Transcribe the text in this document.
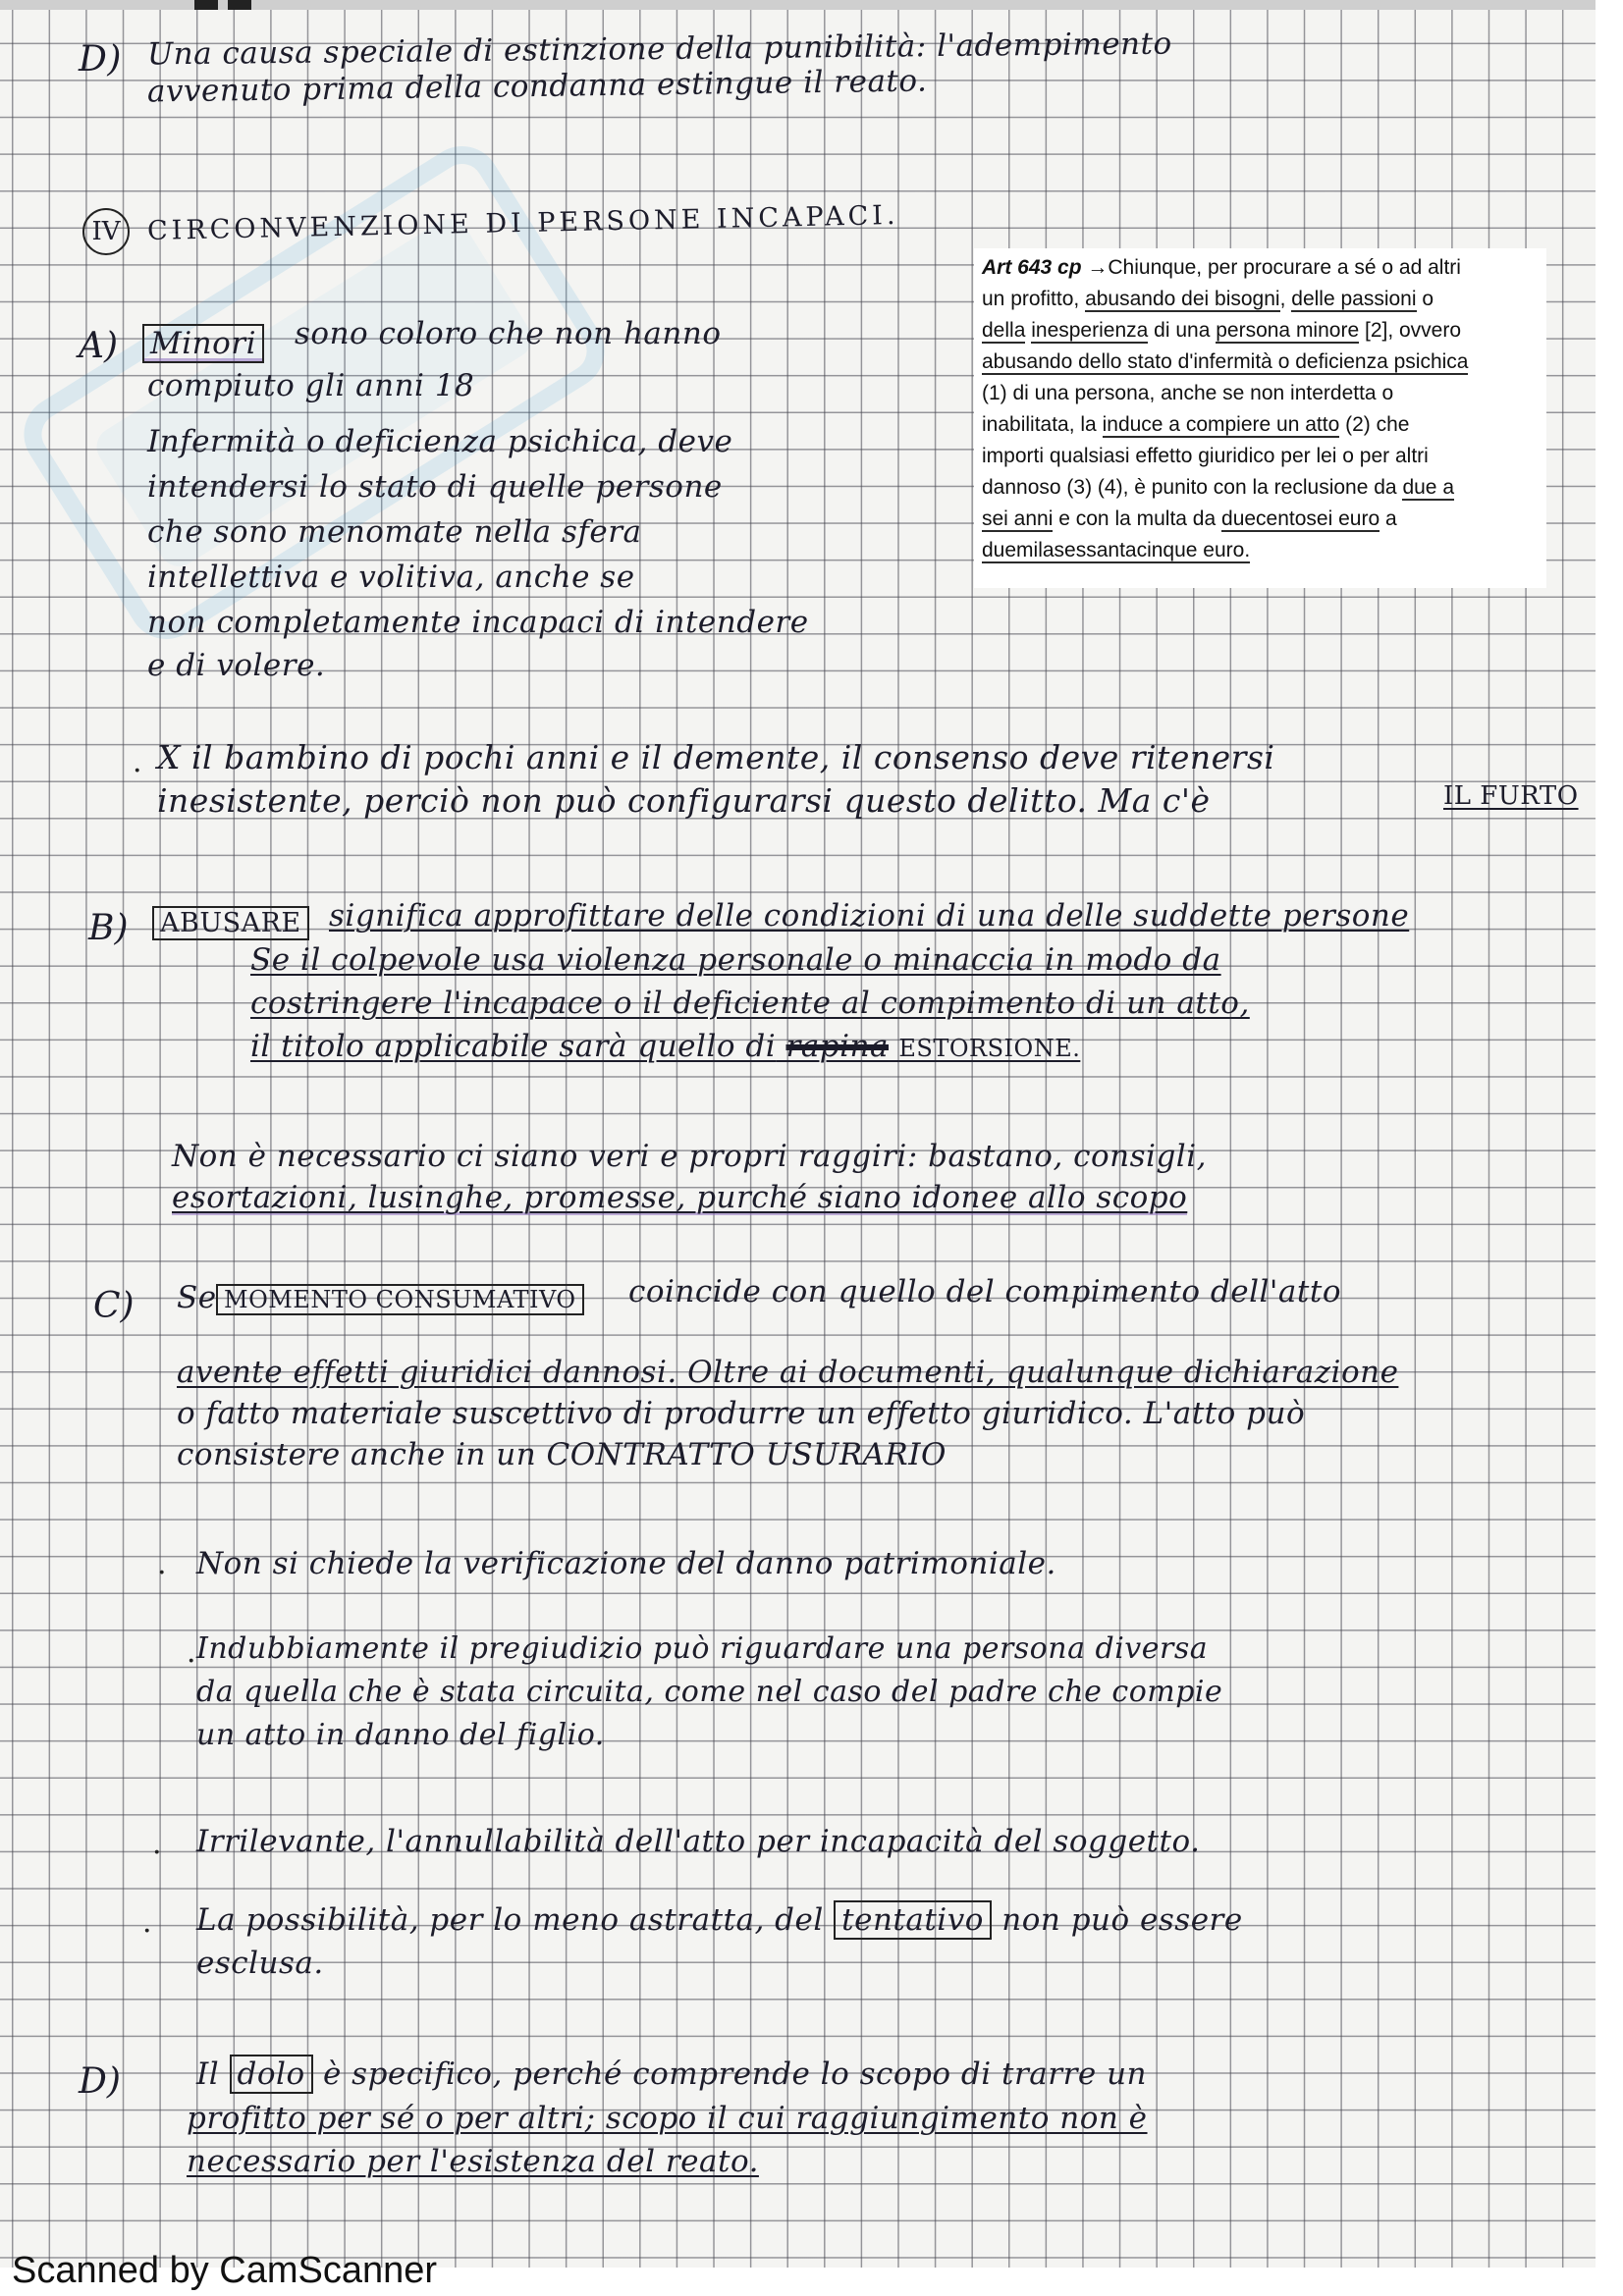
D) Una causa speciale di estinzione della punibilità: l'adempimento
avvenuto prima della condanna estingue il reato.
IV	CIRCONVENZIONE DI PERSONE INCAPACI.
A) Minori sono coloro che non hanno
compiuto gli anni 18
Infermità o deficienza psichica, deve
intendersi lo stato di quelle persone
che sono menomate nella sfera
intellettiva e volitiva, anche se
non completamente incapaci di intendere
e di volere.
Art 643 cp →Chiunque, per procurare a sé o ad altri
un profitto, abusando dei bisogni, delle passioni o
della inesperienza di una persona minore [2], ovvero
abusando dello stato d'infermità o deficienza psichica
(1) di una persona, anche se non interdetta o
inabilitata, la induce a compiere un atto (2) che
importi qualsiasi effetto giuridico per lei o per altri
dannoso (3) (4), è punito con la reclusione da due a
sei anni e con la multa da duecentosei euro a
duemilasessantacinque euro.
· X il bambino di pochi anni e il demente, il consenso deve ritenersi
inesistente, perciò non può configurarsi questo delitto. Ma c'è	IL FURTO
B) ABUSARE significa approfittare delle condizioni di una delle suddette persone
Se il colpevole usa violenza personale o minaccia in modo da
costringere l'incapace o il deficiente al compimento di un atto,
il titolo applicabile sarà quello di rapina ESTORSIONE.
Non è necessario ci siano veri e propri raggiri: bastano, consigli,
esortazioni, lusinghe, promesse, purché siano idonee allo scopo
C) Se MOMENTO CONSUMATIVO coincide con quello del compimento dell'atto
avente effetti giuridici dannosi. Oltre ai documenti, qualunque dichiarazione
o fatto materiale suscettivo di produrre un effetto giuridico. L'atto può
consistere anche in un CONTRATTO USURARIO
· Non si chiede la verificazione del danno patrimoniale.
· Indubbiamente il pregiudizio può riguardare una persona diversa
da quella che è stata circuita, come nel caso del padre che compie
un atto in danno del figlio.
· Irrilevante, l'annullabilità dell'atto per incapacità del soggetto.
· La possibilità, per lo meno astratta, del tentativo non può essere
esclusa.
D) Il dolo è specifico, perché comprende lo scopo di trarre un
profitto per sé o per altri; scopo il cui raggiungimento non è
necessario per l'esistenza del reato.
Scanned by CamScanner
